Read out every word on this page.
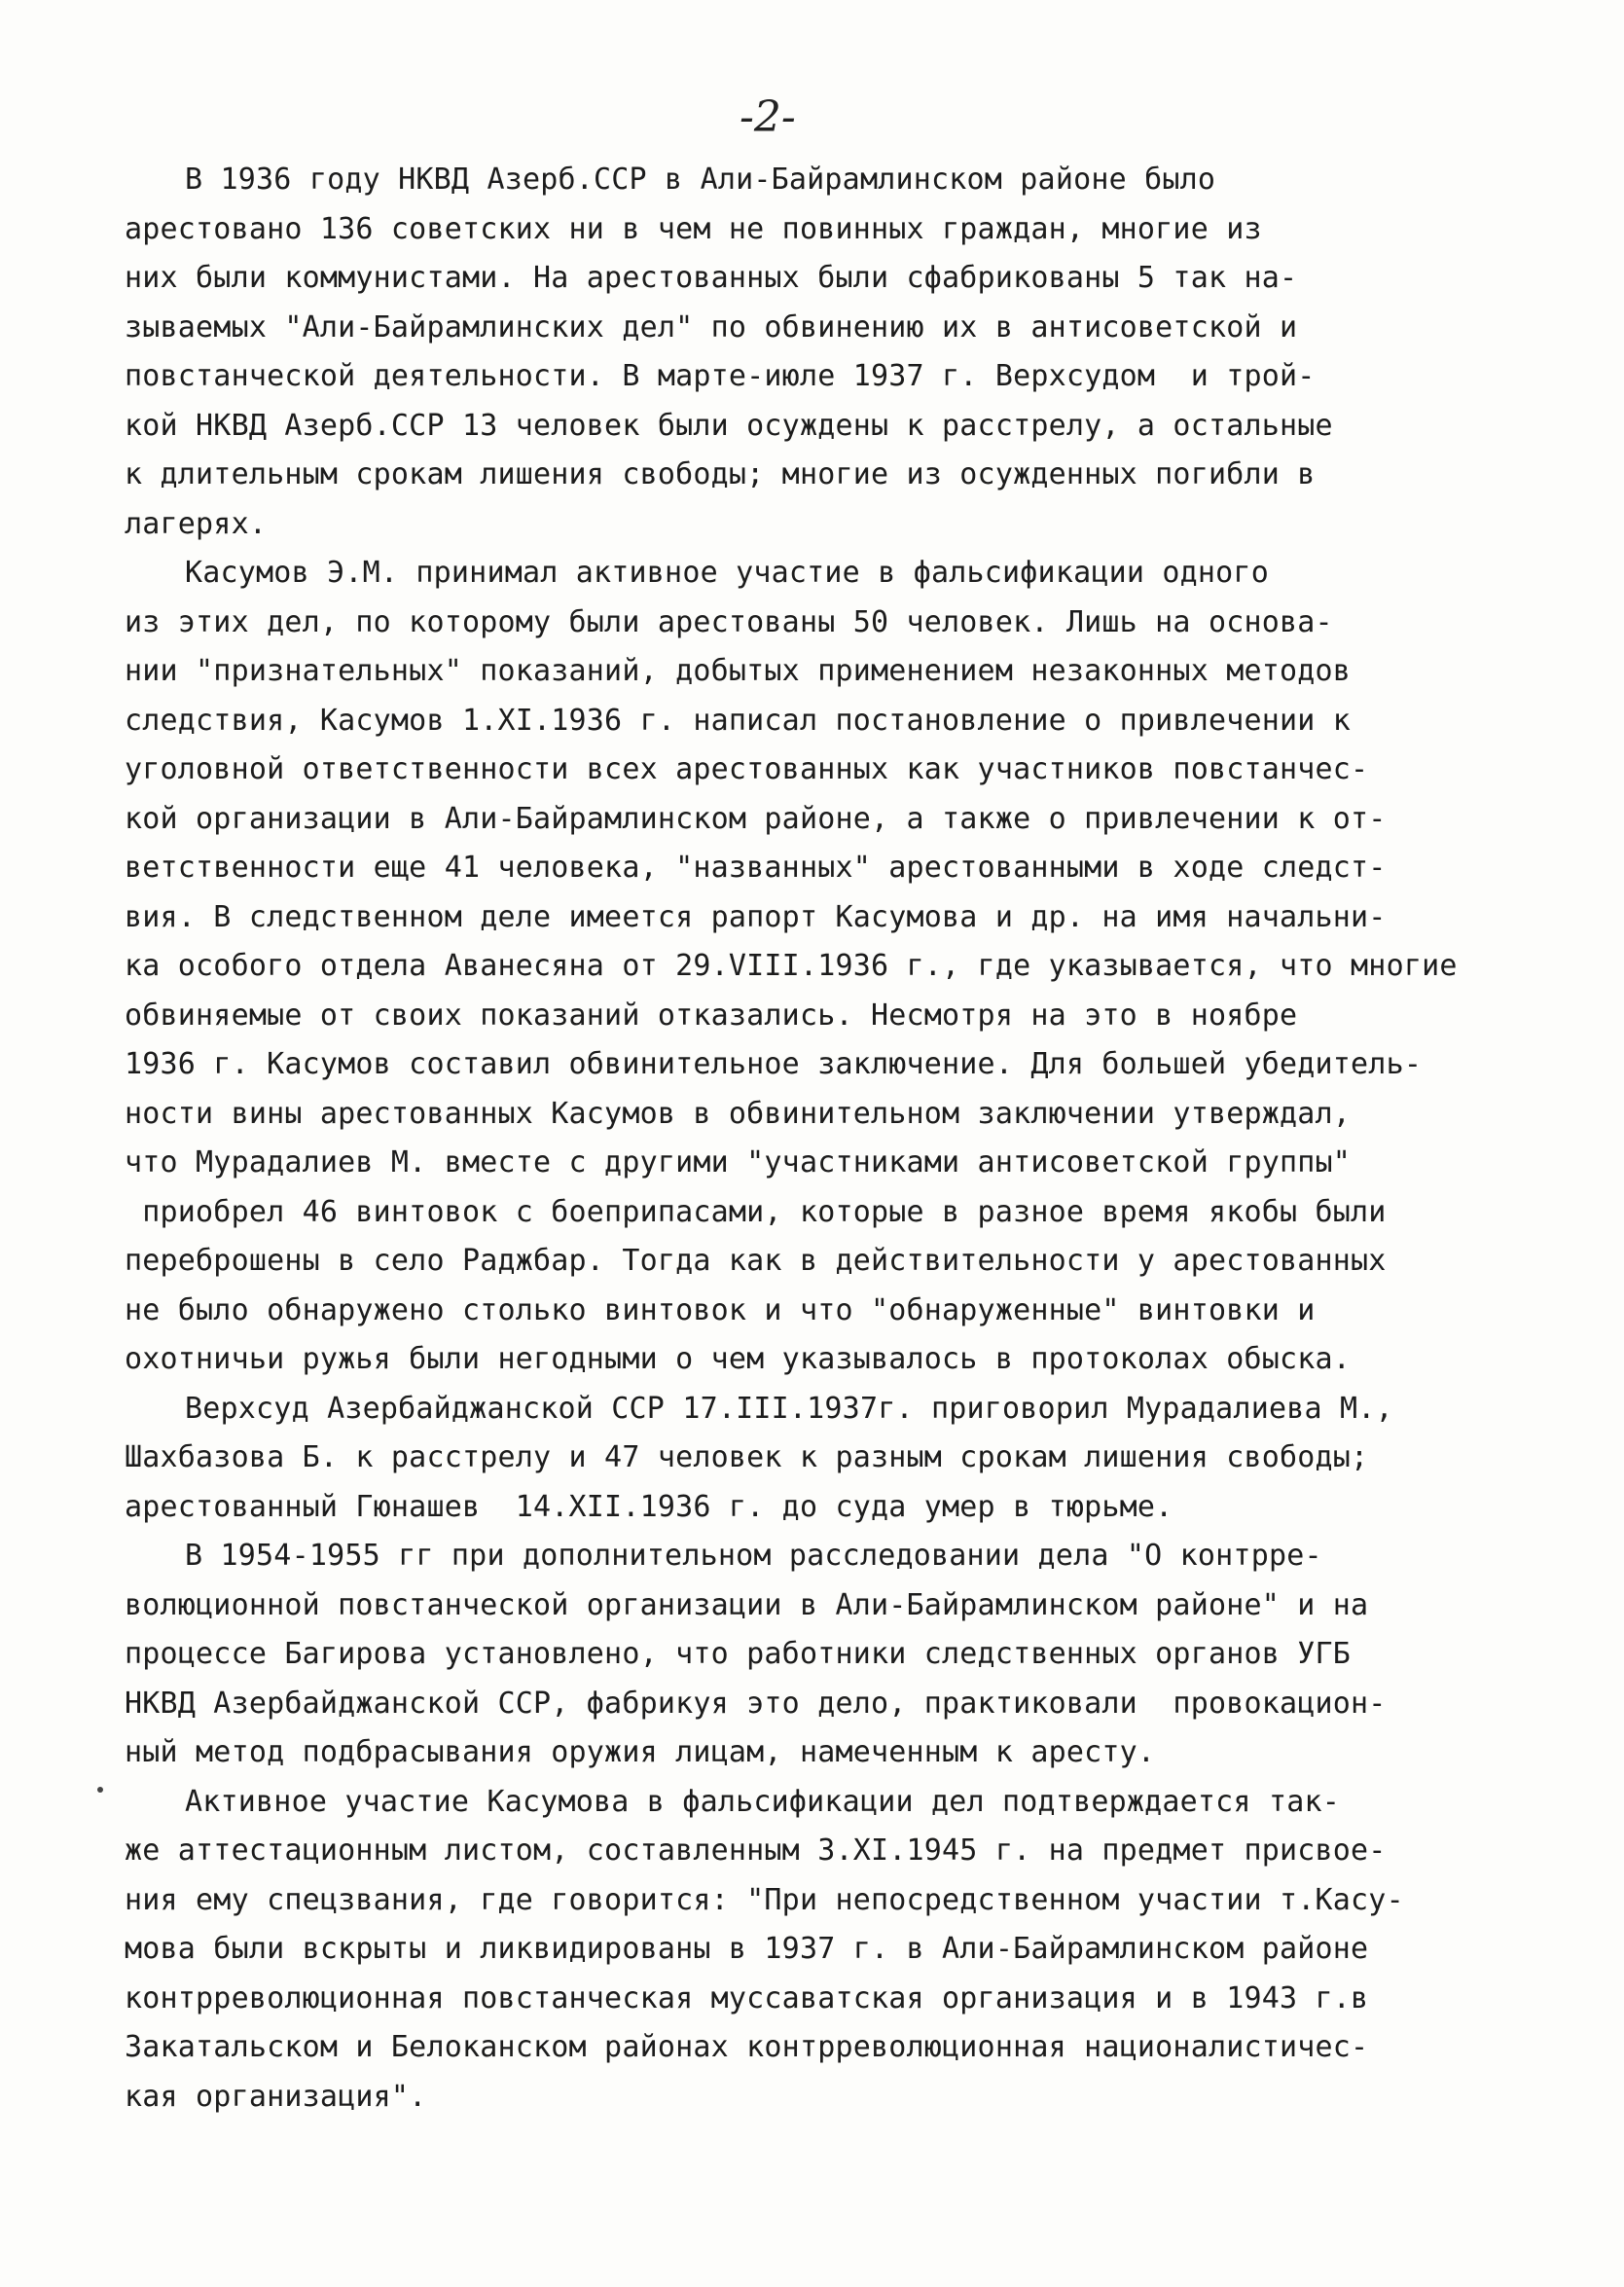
-2-
В 1936 году НКВД Азерб.ССР в Али-Байрамлинском районе было
арестовано 136 советских ни в чем не повинных граждан, многие из
них были коммунистами. На арестованных были сфабрикованы 5 так на-
зываемых "Али-Байрамлинских дел" по обвинению их в антисоветской и
повстанческой деятельности. В марте-июле 1937 г. Верхсудом  и трой-
кой НКВД Азерб.ССР 13 человек были осуждены к расстрелу, а остальные
к длительным срокам лишения свободы; многие из осужденных погибли в
лагерях.
Касумов Э.М. принимал активное участие в фальсификации одного
из этих дел, по которому были арестованы 50 человек. Лишь на основа-
нии "признательных" показаний, добытых применением незаконных методов
следствия, Касумов 1.XI.1936 г. написал постановление о привлечении к
уголовной ответственности всех арестованных как участников повстанчес-
кой организации в Али-Байрамлинском районе, а также о привлечении к от-
ветственности еще 41 человека, "названных" арестованными в ходе следст-
вия. В следственном деле имеется рапорт Касумова и др. на имя начальни-
ка особого отдела Аванесяна от 29.VIII.1936 г., где указывается, что многие
обвиняемые от своих показаний отказались. Несмотря на это в ноябре
1936 г. Касумов составил обвинительное заключение. Для большей убедитель-
ности вины арестованных Касумов в обвинительном заключении утверждал,
что Мурадалиев М. вместе с другими "участниками антисоветской группы"
приобрел 46 винтовок с боеприпасами, которые в разное время якобы были
переброшены в село Раджбар. Тогда как в действительности у арестованных
не было обнаружено столько винтовок и что "обнаруженные" винтовки и
охотничьи ружья были негодными о чем указывалось в протоколах обыска.
Верхсуд Азербайджанской ССР 17.III.1937г. приговорил Мурадалиева М.,
Шахбазова Б. к расстрелу и 47 человек к разным срокам лишения свободы;
арестованный Гюнашев  14.XII.1936 г. до суда умер в тюрьме.
В 1954-1955 гг при дополнительном расследовании дела "О контрре-
волюционной повстанческой организации в Али-Байрамлинском районе" и на
процессе Багирова установлено, что работники следственных органов УГБ
НКВД Азербайджанской ССР, фабрикуя это дело, практиковали  провокацион-
ный метод подбрасывания оружия лицам, намеченным к аресту.
Активное участие Касумова в фальсификации дел подтверждается так-
же аттестационным листом, составленным 3.XI.1945 г. на предмет присвое-
ния ему спецзвания, где говорится: "При непосредственном участии т.Касу-
мова были вскрыты и ликвидированы в 1937 г. в Али-Байрамлинском районе
контрреволюционная повстанческая муссаватская организация и в 1943 г.в
Закатальском и Белоканском районах контрреволюционная националистичес-
кая организация".
